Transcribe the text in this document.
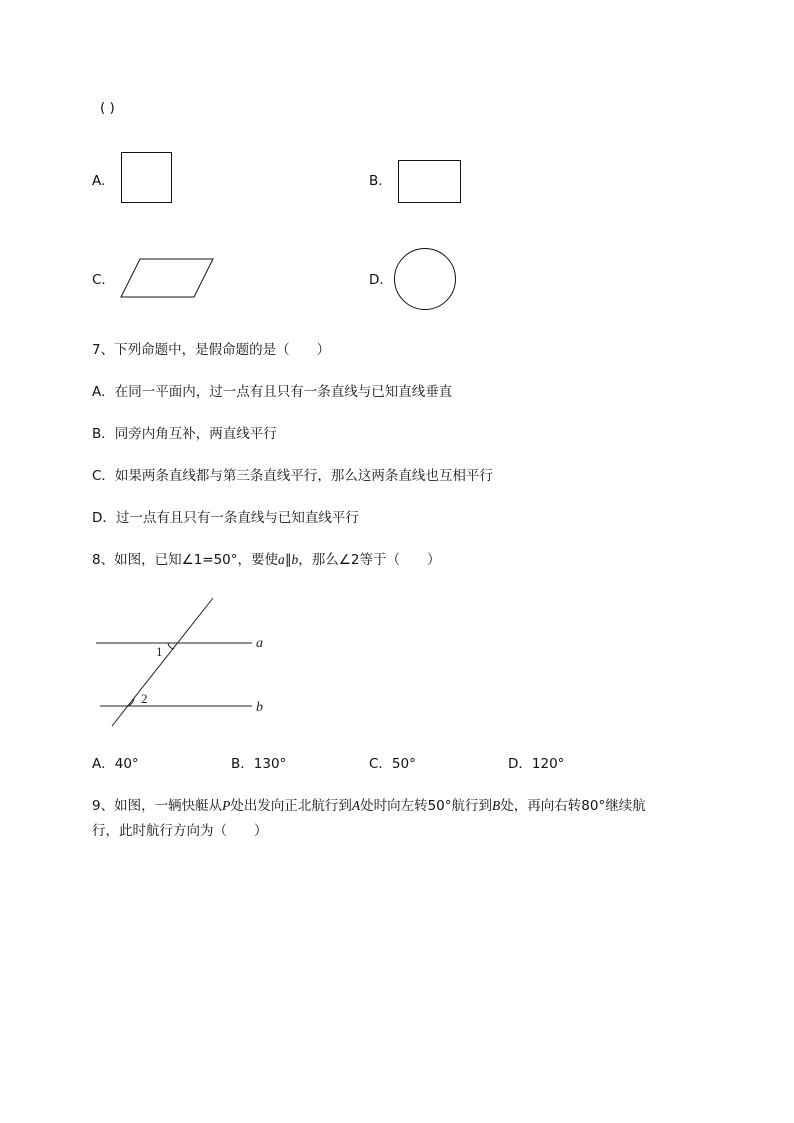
( )
A.	B.
C.	D.
7、下列命题中，是假命题的是（　　）
A．在同一平面内，过一点有且只有一条直线与已知直线垂直
B．同旁内角互补，两直线平行
C．如果两条直线都与第三条直线平行，那么这两条直线也互相平行
D．过一点有且只有一条直线与已知直线平行
8、如图，已知∠1=50°，要使a∥b，那么∠2等于（　　）
a
b
1
2
A．40°	B．130°	C．50°	D．120°
9、如图，一辆快艇从P处出发向正北航行到A处时向左转50°航行到B处，再向右转80°继续航
行，此时航行方向为（　　）
